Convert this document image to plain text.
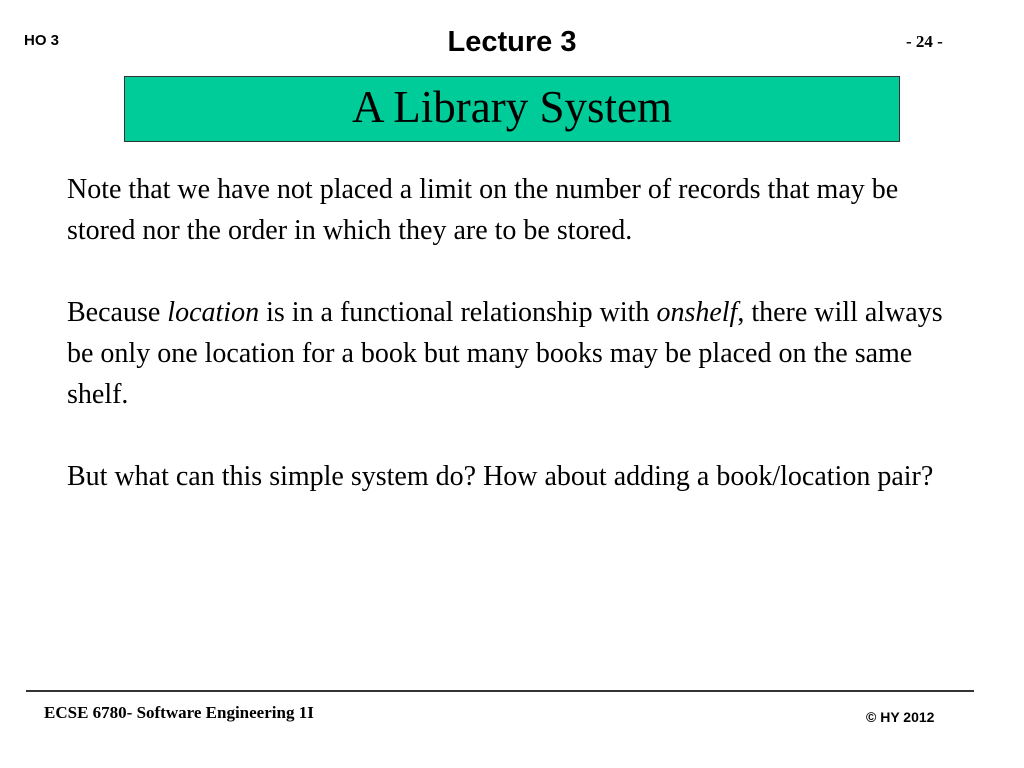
HO 3	Lecture 3	- 24 -
A Library System

Note that we have not placed a limit on the number of records that may be stored nor the order in which they are to be stored.

Because location is in a functional relationship with onshelf, there will always be only one location for a book but many books may be placed on the same shelf.

But what can this simple system do? How about adding a book/location pair?

ECSE 6780- Software Engineering 1I	© HY 2012
